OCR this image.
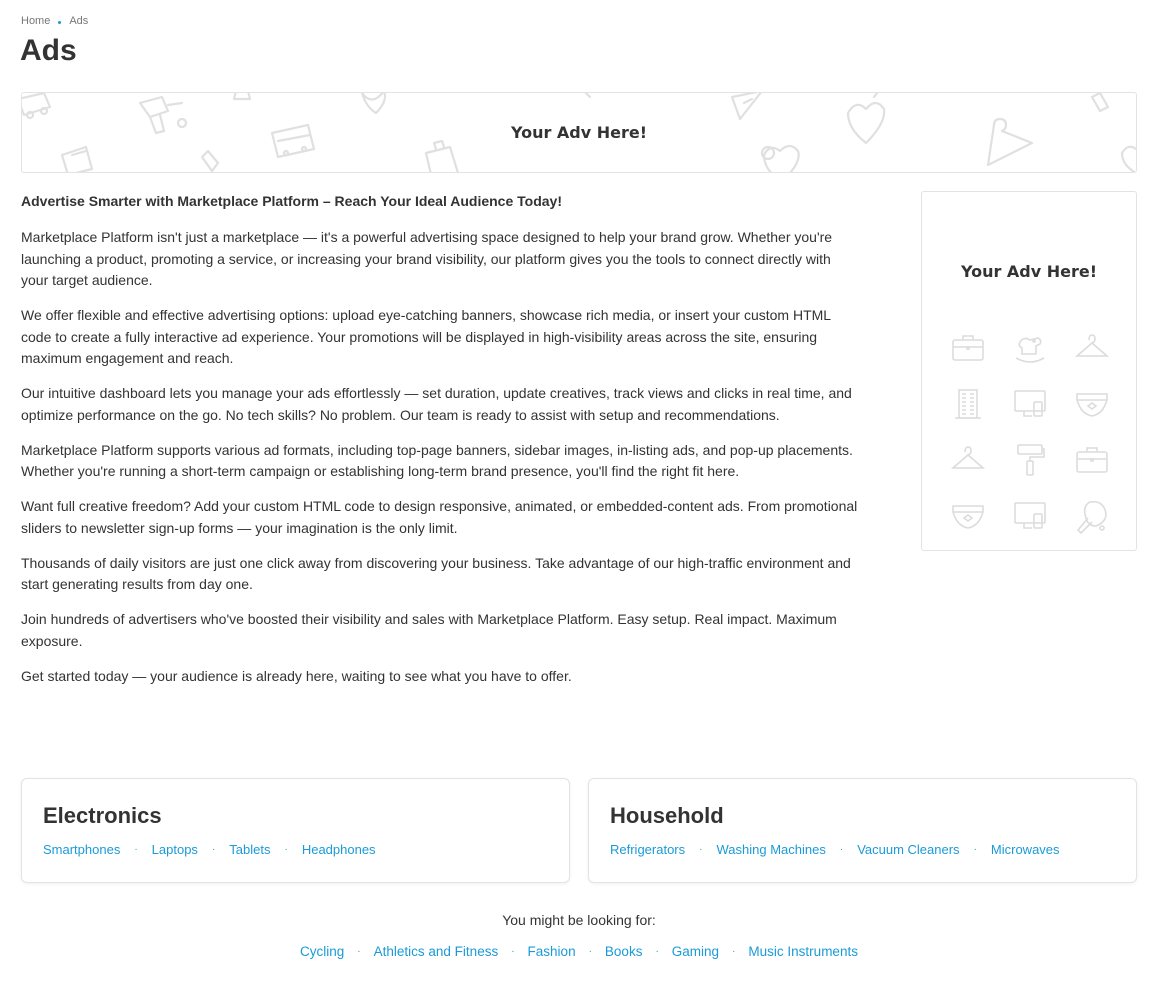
Home Ads
Ads
Your Adv Here!
Advertise Smarter with Marketplace Platform – Reach Your Ideal Audience Today!

Marketplace Platform isn't just a marketplace — it's a powerful advertising space designed to help your brand grow. Whether you're launching a product, promoting a service, or increasing your brand visibility, our platform gives you the tools to connect directly with your target audience.

We offer flexible and effective advertising options: upload eye-catching banners, showcase rich media, or insert your custom HTML code to create a fully interactive ad experience. Your promotions will be displayed in high-visibility areas across the site, ensuring maximum engagement and reach.

Our intuitive dashboard lets you manage your ads effortlessly — set duration, update creatives, track views and clicks in real time, and optimize performance on the go. No tech skills? No problem. Our team is ready to assist with setup and recommendations.

Marketplace Platform supports various ad formats, including top-page banners, sidebar images, in-listing ads, and pop-up placements. Whether you're running a short-term campaign or establishing long-term brand presence, you'll find the right fit here.

Want full creative freedom? Add your custom HTML code to design responsive, animated, or embedded-content ads. From promotional sliders to newsletter sign-up forms — your imagination is the only limit.

Thousands of daily visitors are just one click away from discovering your business. Take advantage of our high-traffic environment and start generating results from day one.

Join hundreds of advertisers who've boosted their visibility and sales with Marketplace Platform. Easy setup. Real impact. Maximum exposure.

Get started today — your audience is already here, waiting to see what you have to offer.

Your Adv Here!
Electronics
Smartphones · Laptops · Tablets · Headphones
Household
Refrigerators · Washing Machines · Vacuum Cleaners · Microwaves
You might be looking for:
Cycling · Athletics and Fitness · Fashion · Books · Gaming · Music Instruments
